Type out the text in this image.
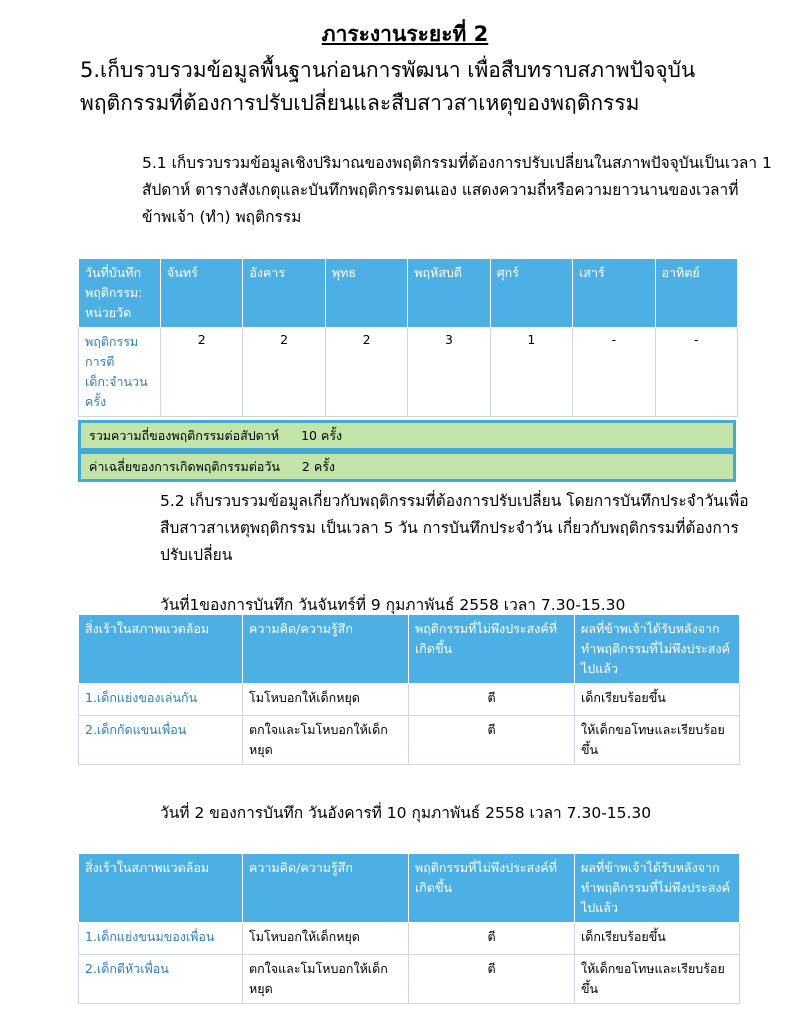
ภาระงานระยะที่ 2
5.เก็บรวบรวมข้อมูลพื้นฐานก่อนการพัฒนา เพื่อสืบทราบสภาพปัจจุบันพฤติกรรมที่ต้องการปรับเปลี่ยนและสืบสาวสาเหตุของพฤติกรรม
5.1 เก็บรวบรวมข้อมูลเชิงปริมาณของพฤติกรรมที่ต้องการปรับเปลี่ยนในสภาพปัจจุบันเป็นเวลา 1 สัปดาห์ ตารางสังเกตุและบันทึกพฤติกรรมตนเอง แสดงความถี่หรือความยาวนานของเวลาที่ข้าพเจ้า (ทำ) พฤติกรรม
วันที่บันทึกพฤติกรรม: หน่วยวัด	จันทร์	อังคาร	พุทธ	พฤหัสบดี	ศุกร์	เสาร์	อาทิตย์
พฤติกรรมการตี เด็ก:จำนวนครั้ง	2	2	2	3	1	-	-
รวมความถี่ของพฤติกรรมต่อสัปดาห์ 10 ครั้ง
ค่าเฉลี่ยของการเกิดพฤติกรรมต่อวัน 2 ครั้ง
5.2 เก็บรวบรวมข้อมูลเกี่ยวกับพฤติกรรมที่ต้องการปรับเปลี่ยน โดยการบันทึกประจำวันเพื่อสืบสาวสาเหตุพฤติกรรม เป็นเวลา 5 วัน การบันทึกประจำวัน เกี่ยวกับพฤติกรรมที่ต้องการปรับเปลี่ยน
วันที่1ของการบันทึก วันจันทร์ที่ 9 กุมภาพันธ์ 2558 เวลา 7.30-15.30
สิ่งเร้าในสภาพแวดล้อม	ความคิด/ความรู้สึก	พฤติกรรมที่ไม่พึงประสงค์ที่เกิดขึ้น	ผลที่ข้าพเจ้าได้รับหลังจากทำพฤติกรรมที่ไม่พึงประสงค์ไปแล้ว
1.เด็กแย่งของเล่นกัน	โมโหบอกให้เด็กหยุด	ตี	เด็กเรียบร้อยขึ้น
2.เด็กกัดแขนเพื่อน	ตกใจและโมโหบอกให้เด็กหยุด	ตี	ให้เด็กขอโทษและเรียบร้อยขึ้น
วันที่ 2 ของการบันทึก วันอังคารที่ 10 กุมภาพันธ์ 2558 เวลา 7.30-15.30
สิ่งเร้าในสภาพแวดล้อม	ความคิด/ความรู้สึก	พฤติกรรมที่ไม่พึงประสงค์ที่เกิดขึ้น	ผลที่ข้าพเจ้าได้รับหลังจากทำพฤติกรรมที่ไม่พึงประสงค์ไปแล้ว
1.เด็กแย่งขนมของเพื่อน	โมโหบอกให้เด็กหยุด	ตี	เด็กเรียบร้อยขึ้น
2.เด็กตีหัวเพื่อน	ตกใจและโมโหบอกให้เด็กหยุด	ตี	ให้เด็กขอโทษและเรียบร้อยขึ้น
